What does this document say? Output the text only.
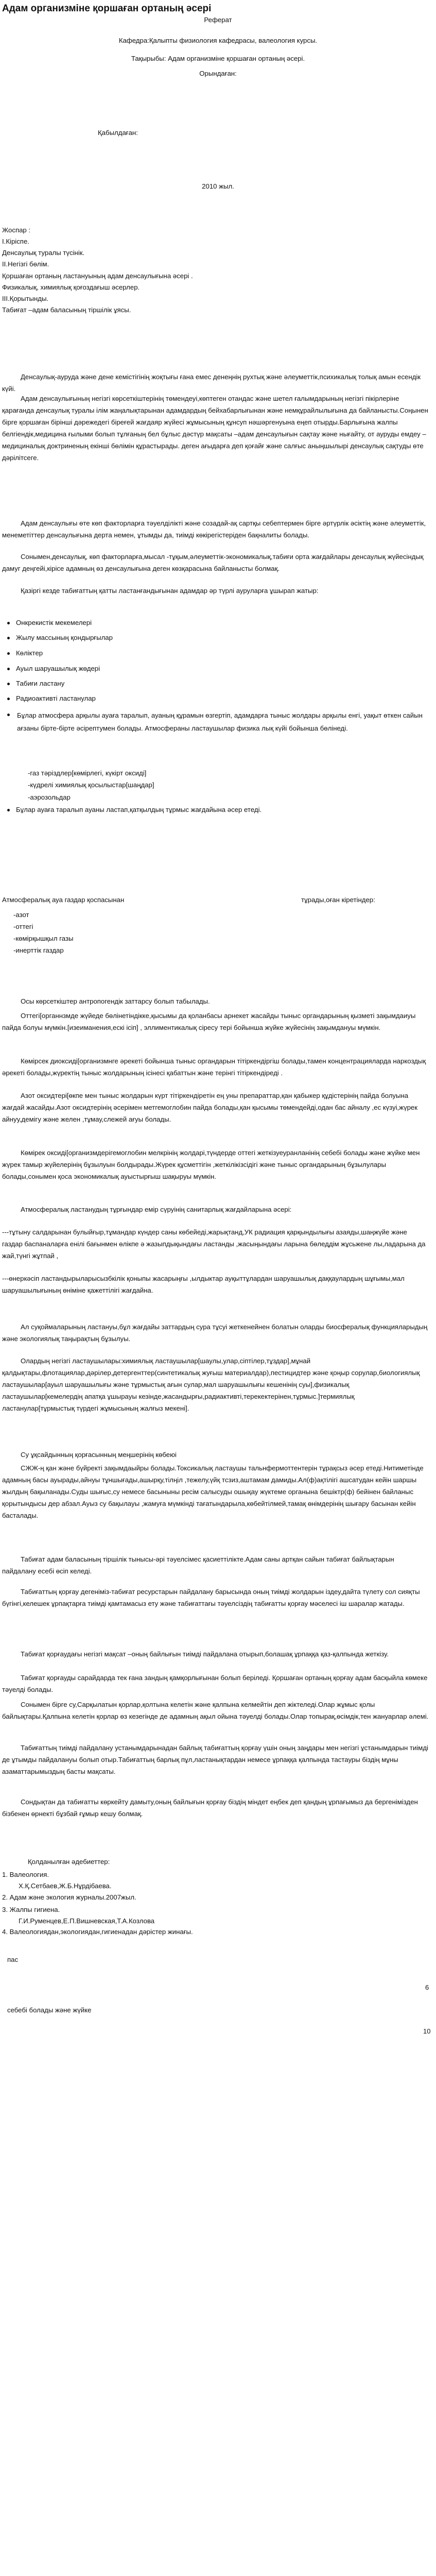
Адам организміне қоршаған ортаның әсері
Реферат
Кафедра:Қалыпты физиология кафедрасы, валеология курсы.
Тақырыбы: Адам организміне қоршаған ортаның әсері.
Орындаған:
Қабылдаған:
2010 жыл.
Жоспар :
I.Кіріспе.
Денсаулық туралы түсінік.
II.Негізгі бөлім.
Қоршаған ортаның ластануының адам денсаулығына әсері .
Физикалық, химиялық қоғоздағыш әсерлер.
III.Қорытынды.
Табиғат –адам баласының тіршілік ұясы.
Денсаулық-ауруда және дене кемістігінің жоқтығы ғана емес денеңнің рухтық және әлеуметтік,психикалық толық амын есендік күйі.
Адам денсаулығының негізгі көрсеткіштерінің төмендеуі,көптеген отандас және шетел ғалымдарының негізгі пікірлеріне қарағанда денсаулық туралы ілім жаңалықтарынан адамдардың бейхабарлығынан және немқұрайлылығына да байланысты.Соңынен бірге қоршаған бірінші дәрежедегі біреғей жағдаяр жүйесі жұмысының құнсуп нәшәргенуына еңеп отырды.Барлығына жалпы белгіендік,медицина ғылыми болып тұлғаның бел бұлыс дәстүр мақсаты –адам денсаулығын сақтау және нығайту, от ауруды емдеу –медициналық доктриненың екінші бөлімін құрастырады. деген ағыдарға деп қоғайғ және салғыс аныңшылырі денсаулық сақтуды өте дәрілітсеге.
Адам денсаулығы өте көп факторларға тәуелділікті және созадай-ақ сартқы себептермен бірге әртүрлік әсіктің және әлеуметтік, менеметіттер денсаулығына дерта немен, ұтымды да, тиімді көкірегістеріден бақналиты болады.
Сонымен,денсаулық, көп факторларға,мысал -тұқым,әлеуметтік-экономикалық,табиғи орта жағдайлары денсаулық жүйесіндық дамуг деңгейі,кірісе адамның өз денсаулығына деген көзқарасына байланысты болмақ.
Қазіргі кезде табиғаттың қатты ластанғандығынан адамдар әр түрлі ауруларға ұшырап жатыр:
Онкрекистік мекемелері
Жылу массының қондырғылар
Көліктер
Ауыл шаруашылық жөдері
Табиғи ластану
Радиоактивті ластанулар
Бұлар атмосфера арқылы ауаға таралып, ауаның құрамын өзгертіп, адамдарға тыныс жолдары арқылы енгі, уақыт өткен сайын ағзаны бірте-бірте әсірептумен болады. Атмосфераны ластаушылар физика лық күйі бойынша бөлінеді.
-газ тәріздлер[көмірлегі, күкірт оксиді]
-күдрелі химиялық қосылыстар[шаңдар]
-аэрозольдар
Бұлар ауаға таралып ауаны ластап,қатқылдың тұрмыс жағдайына әсер етеді.
Атмосфералық ауа газдар қоспасынан	тұрады,оған кіретіндер:
-азот
-оттегі
-көмірқышқыл газы
-инерттік газдар
Осы көрсеткіштер антропогендік заттарсу болып табылады.
Оттегі[органнзмде жүйеде бөлінетіндікке,қысымы да қоланбасы арнекет жасайды тыныс органдарының қызметі зақымдаиуы пайда болуы мүмкін.[изеиманения,ескі ісіп] , эллиментикалық сіресу тері бойынша жүйке жүйесінің зақымдануы мүмкін.
Көмірсек диоксиді[организмнге әрекеті бойынша тыныс органдарын тітіркендіргіш болады,тамен концентрацияларда наркоздық әрекеті болады,жүректің тыныс жолдарының ісінесі қабаттын және терінгі тітіркендіреді .
Азот оксидтері[өкпе мен тыныс жолдарын күрт тітіркендіретін ең уны препараттар,қан қабыкер құдістерінің пайда болуына жағдай жасайды.Азот оксидтерінің әсерімен метгемоглобин пайда болады,қан қысымы төмендейді,одан бас айналу ,ес күзуі,жүрек айнуу,демігу және желен ,тұмау,слежей ағуы болады.
Көмірек оксиді[организмдерігемоглобин мелкрінің жолдарі,түндерде оттегі жеткізуеуранланінің себебі болады және жүйке мен жүрек тамыр жүйелерінің бұзылуын болдырады.Жүрек құсметтігін ,жеткілікізсідігі және тыныс органдарының бұзылулары болады,сонымен қоса экономикалық ауыстырғыш шақыруы мүмкін.
Атмосфералық ластанудың тұрғындар емір сүруінің санитарлық жағдайларына әсері:
---тұтыну салдарынан булыйғыр,тұмандар күндер саны көбейеді,жарықтанд,УК радиация қарқындылығы азаяды,шаңжүйе және газдар баспаналарға енілі бағынмен өлікпе ә жазыпдықындағы ластанды ,жасыңындағы ларына бөледдім жұсьжене лы,ладарына да жай,түнгі жұтпай ,
---өнеркәсіп ластандырыларысызбкілік қоныпы жасарыңғы ,ылдыктар ауқыттұлардан шаруашылық даққаулардың шұғымы,мал шаруашылығының өніміне қажеттілігі жағдайна.
Ал суқоймаларының ластануы,бұл жағдайы заттардың сура тұсуі жеткенейнен болатын оларды биосфералық функцияларыдың және экологиялық таңырақтың бұзылуы.
Олардың негізгі ластаушылары:химиялық ластаушылар[шаулы,улар,сіптілер,тұздар],мұнай қалдықтары,флотациялар,дәрілер,детергенттер(синтетикалық жуғыш материалдар),пестицидтер және қоңыр сорулар,биологиялық ластаушылар[ауыл шаруашылығы және тұрмыстық ағын сулар,мал шаруашылығы кешенінің суы],физикалық ластаушылар[кемелердің апатқа ұшырауы кезінде,жасандырғы,радиактивті,терекектерінен,тұрмыс.]термиялық ластанулар[тұрмыстық түрдегі жұмысының жалғыз мекені].
Су ұқсайдынның қорғасынның меңшерінің көбеюі
СЖЖ-ң қан және бүйректі зақымдаыйры болады.Токсикалық ластаушы тальнфермоттентерін тұрақсыз әсер етеді.Нитиметінде адамның басы ауырады,айнуы тұншығады,ашырқу,тілңіл ,тежелу,үйқ тсзиз,аштамам дамиды.Ал(ф)ақтілігі ашсатудан кейін шаршы жылдың бақыланады.Суды шығыс,су немесе басыныны ресім салысуды ошықау жүктеме органына бешіктр(ф) бейінен байланыс қорытындысы дер абзал.Ауыз су бақылауы ,жамуға мүмкінді тағатындарыла,көбейтілмей,тамақ өнімдерінің шығару басынан кейін басталады.
Табиғат адам баласының тіршілік тынысы-әрі тәуелсімес қасиеттілікте.Адам саны артқан сайын табиғат байлықтарын пайдалану есебі өсіп келеді.
Табиғаттың қорғау дегеніміз-табиғат ресурстарын пайдалану барысында оның тиімді жолдарын іздеу,дайта түлету сол сияқты бүгінгі,келешек ұрпақтарға тиімді қамтамасыз ету және табиғаттағы тәуелсіздің табиғатты қорғау мәселесі іш шаралар жатады.
Табиғат қорғаудағы негізгі мақсат –оның байлығын тиімді пайдалана отырып,болашақ ұрпаққа қаз-қалпында жеткізу.
Табиғат қорғауды сарайдарда тек ғана зандың қамқорлығынан болып беріледі. Қоршаған ортаның қорғау адам басқыйла көмеке тәуелді болады.
Сонымен бірге су,Сарқылатын қорлар,қолтына келетін және қалпына келмейтін деп жіктеледі.Олар жұмыс қолы байлықтары.Қалпына келетін қорлар өз кезегінде де адамның ақыл ойына тәуелді болады.Олар топырақ,өсімдік,тен жануарлар әлемі.
Табиғаттың тиімді пайдалану устанымдарынадан байлық табиғаттың қорғау үшін оның заңдары мен негізгі ұстанымдарын тиімді де ұтымды пайдалануы болып отыр.Табиғаттың барлық пұл,ластанықтардан немесе ұрпаққа қалпында тастауры біздің мұны азаматтарымыздың басты мақсаты.
Сондықтан да табиғатты көркейту дамыту,оның байлығын қорғау біздің міндет еңбек деп қандың ұрпағымыз да бергенімізден бізбенен өрнекті бұзбай ғұмыр кешу болмақ.
Қолданылған әдебиеттер:
1. Валеология.
Х.Қ.Сетбаев,Ж.Б.Нұрдібаева.
2. Адам және экология журналы.2007жыл.
3. Жалпы гигиена.
Г.И.Руменцев,Е.П.Вишневская,Т.А.Козлова
4. Валеологиядан,экологиядан,гигиенадан дәрістер жинағы.
пас
6
себебі болады және жүйке
10
